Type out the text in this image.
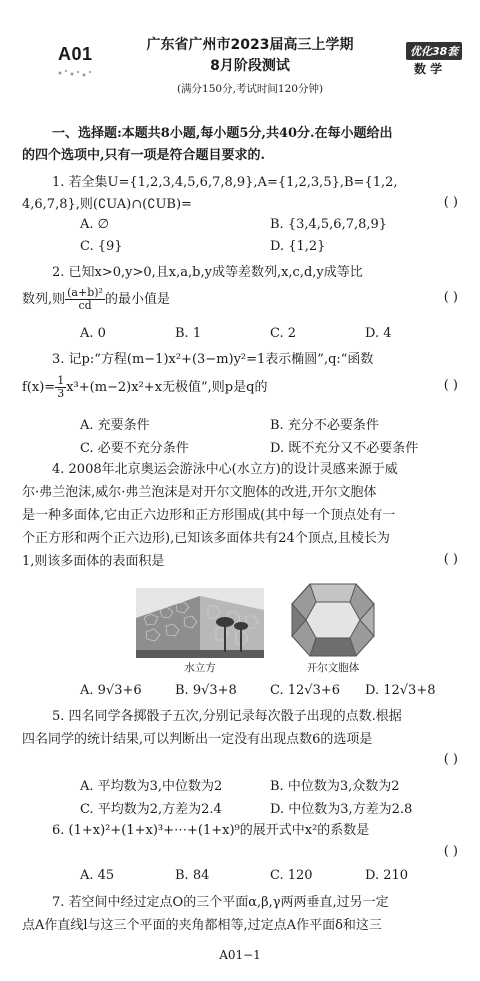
A01	广东省广州市2023届高三上学期
8月阶段测试
(满分150分,考试时间120分钟)
优化38套
数 学
一、选择题:本题共8小题,每小题5分,共40分.在每小题给出
的四个选项中,只有一项是符合题目要求的.
1. 若全集U={1,2,3,4,5,6,7,8,9},A={1,2,3,5},B={1,2,
4,6,7,8},则(∁UA)∩(∁UB)=	( )
A. ∅	B. {3,4,5,6,7,8,9}
C. {9}	D. {1,2}
2. 已知x>0,y>0,且x,a,b,y成等差数列,x,c,d,y成等比
数列,则 $\frac{\text{(a+b)²}}{cd}$ 的最小值是	( )
A. 0	B. 1	C. 2	D. 4
3. 记p:“方程(m−1)x²+(3−m)y²=1表示椭圆”,q:“函数
$f(x)= \frac{1}{3} x^3+(m-2)x^2+x$无极值”,则p是q的	( )
A. 充要条件	B. 充分不必要条件
C. 必要不充分条件	D. 既不充分又不必要条件
4. 2008年北京奥运会游泳中心(水立方)的设计灵感来源于威
尔·弗兰泡沫,威尔·弗兰泡沫是对开尔文胞体的改进,开尔文胞体
是一种多面体,它由正六边形和正方形围成(其中每一个顶点处有一
个正方形和两个正六边形),已知该多面体共有24个顶点,且棱长为
1,则该多面体的表面积是	( )
水立方	开尔文胞体
A. 9√3+6	B. 9√3+8	C. 12√3+6 D. 12√3+8
5. 四名同学各掷骰子五次,分别记录每次骰子出现的点数.根据
四名同学的统计结果,可以判断出一定没有出现点数6的选项是
( )
A. 平均数为3,中位数为2	B. 中位数为3,众数为2
C. 平均数为2,方差为2.4	D. 中位数为3,方差为2.8
6. (1+x)²+(1+x)³+⋯+(1+x)⁹的展开式中x²的系数是
( )
A. 45	B. 84	C. 120	D. 210
7. 若空间中经过定点O的三个平面α,β,γ两两垂直,过另一定
点A作直线l与这三个平面的夹角都相等,过定点A作平面δ和这三
A01−1
